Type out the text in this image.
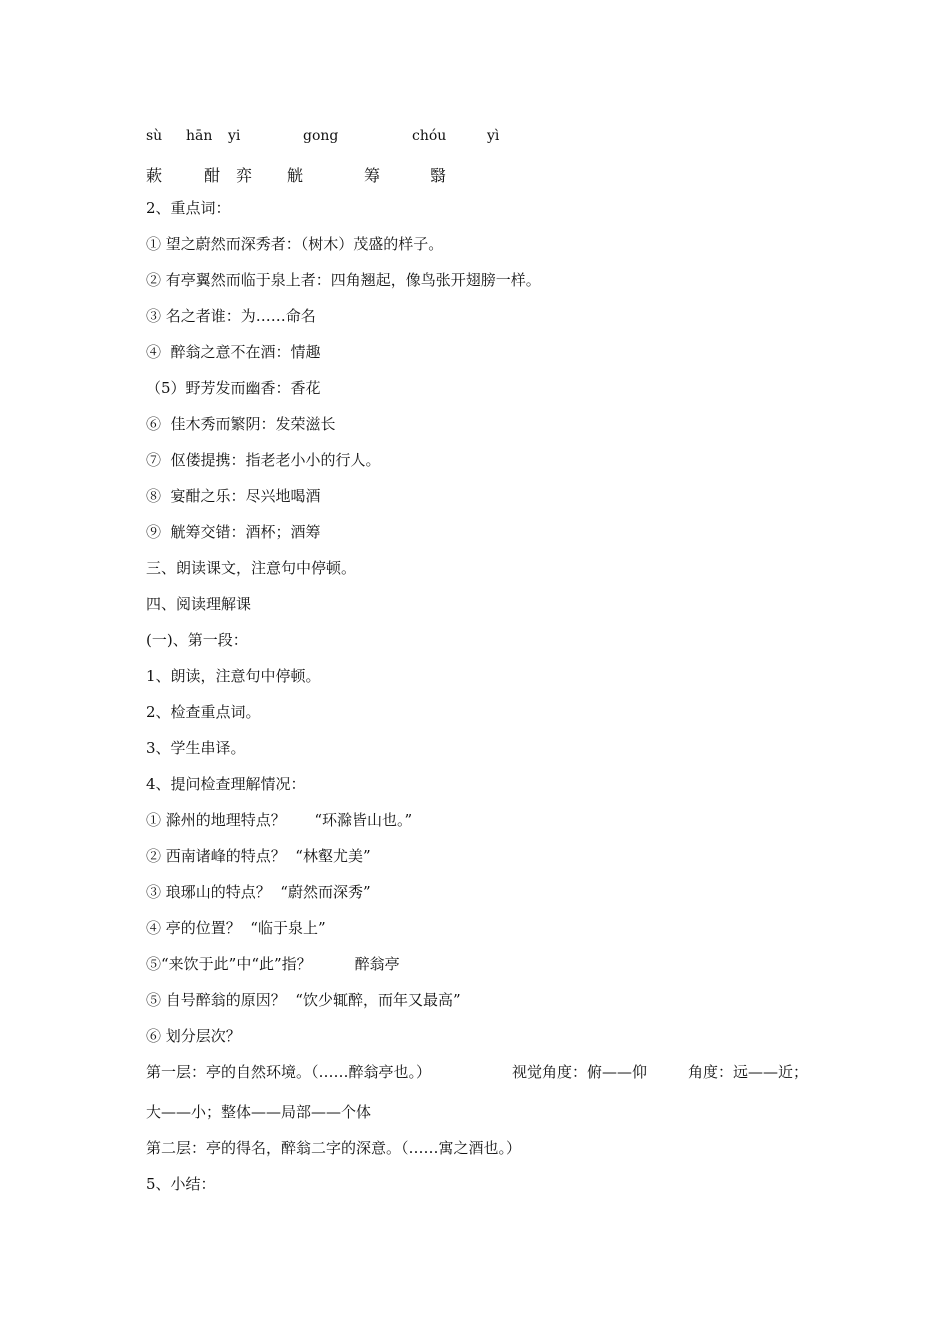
sù hān yi	gong	chóu	yì
蔌	酣 弈 觥	筹	翳
2、重点词：
① 望之蔚然而深秀者：（树木）茂盛的样子。
② 有亭翼然而临于泉上者：四角翘起，像鸟张开翅膀一样。
③ 名之者谁：为……命名
④  醉翁之意不在酒：情趣
（5）野芳发而幽香：香花
⑥  佳木秀而繁阴：发荣滋长
⑦  伛偻提携：指老老小小的行人。
⑧  宴酣之乐：尽兴地喝酒
⑨  觥筹交错：酒杯；酒筹
三、朗读课文，注意句中停顿。
四、阅读理解课
(一)、第一段：
1、朗读，注意句中停顿。
2、检查重点词。
3、学生串译。
4、提问检查理解情况：
① 滁州的地理特点？      “环滁皆山也。”
② 西南诸峰的特点？  “林壑尤美”
③ 琅琊山的特点？  “蔚然而深秀”
④ 亭的位置？  “临于泉上”
⑤“来饮于此”中“此”指？         醉翁亭
⑤ 自号醉翁的原因？  “饮少辄醉，而年又最高”
⑥ 划分层次？
第一层：亭的自然环境。（……醉翁亭也。）	视觉角度：俯——仰	角度：远——近；
大——小；整体——局部——个体
第二层：亭的得名，醉翁二字的深意。（……寓之酒也。）
5、小结：
